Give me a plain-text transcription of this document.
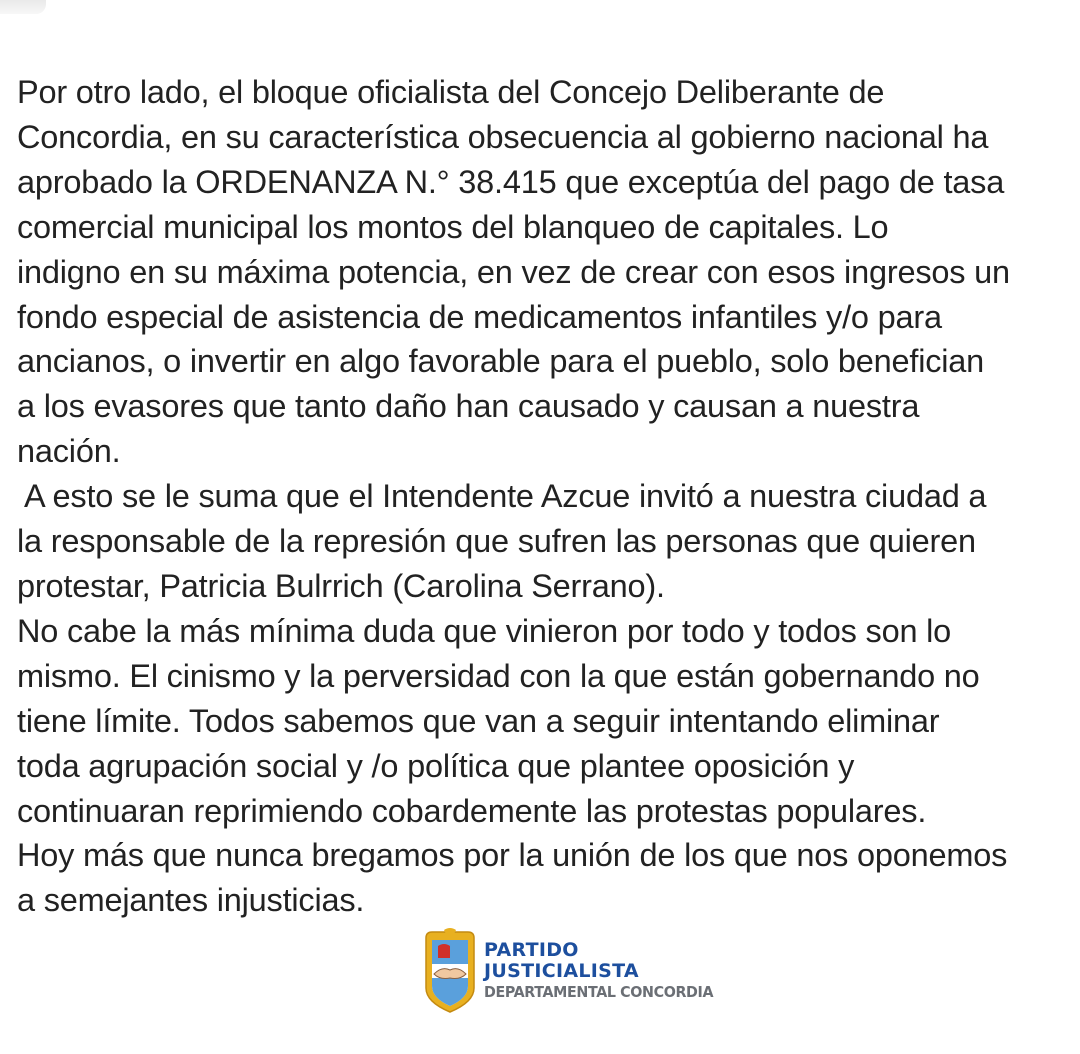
Por otro lado, el bloque oficialista del Concejo Deliberante de
Concordia, en su característica obsecuencia al gobierno nacional ha
aprobado la ORDENANZA N.° 38.415 que exceptúa del pago de tasa
comercial municipal los montos del blanqueo de capitales. Lo
indigno en su máxima potencia, en vez de crear con esos ingresos un
fondo especial de asistencia de medicamentos infantiles y/o para
ancianos, o invertir en algo favorable para el pueblo, solo benefician
a los evasores que tanto daño han causado y causan a nuestra
nación.
A esto se le suma que el Intendente Azcue invitó a nuestra ciudad a
la responsable de la represión que sufren las personas que quieren
protestar, Patricia Bulrrich (Carolina Serrano).
No cabe la más mínima duda que vinieron por todo y todos son lo
mismo. El cinismo y la perversidad con la que están gobernando no
tiene límite. Todos sabemos que van a seguir intentando eliminar
toda agrupación social y /o política que plantee oposición y
continuaran reprimiendo cobardemente las protestas populares.
Hoy más que nunca bregamos por la unión de los que nos oponemos
a semejantes injusticias.
PARTIDO
JUSTICIALISTA
DEPARTAMENTAL CONCORDIA
